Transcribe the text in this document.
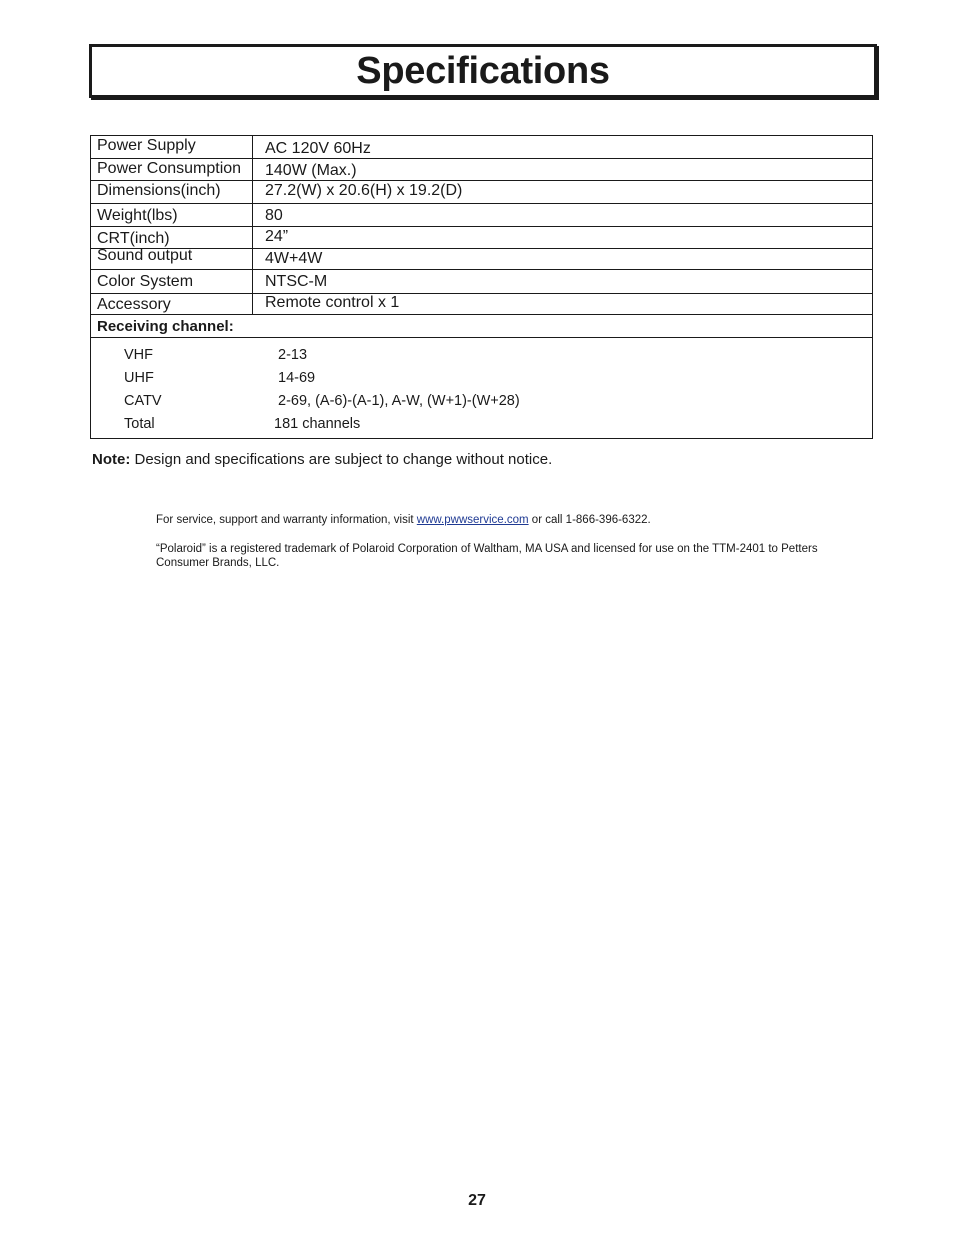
Specifications
Power Supply	AC 120V 60Hz
Power Consumption	140W (Max.)
Dimensions(inch)	27.2(W) x 20.6(H) x 19.2(D)
Weight(lbs)	80
CRT(inch)	24”
Sound output	4W+4W
Color System	NTSC-M
Accessory	Remote control x 1
Receiving channel:
VHF	2-13
UHF	14-69
CATV	2-69, (A-6)-(A-1), A-W, (W+1)-(W+28)
Total	181 channels
Note: Design and specifications are subject to change without notice.
For service, support and warranty information, visit www.pwwservice.com or call 1-866-396-6322.
“Polaroid” is a registered trademark of Polaroid Corporation of Waltham, MA USA and licensed for use on the TTM-2401 to Petters Consumer Brands, LLC.
27
